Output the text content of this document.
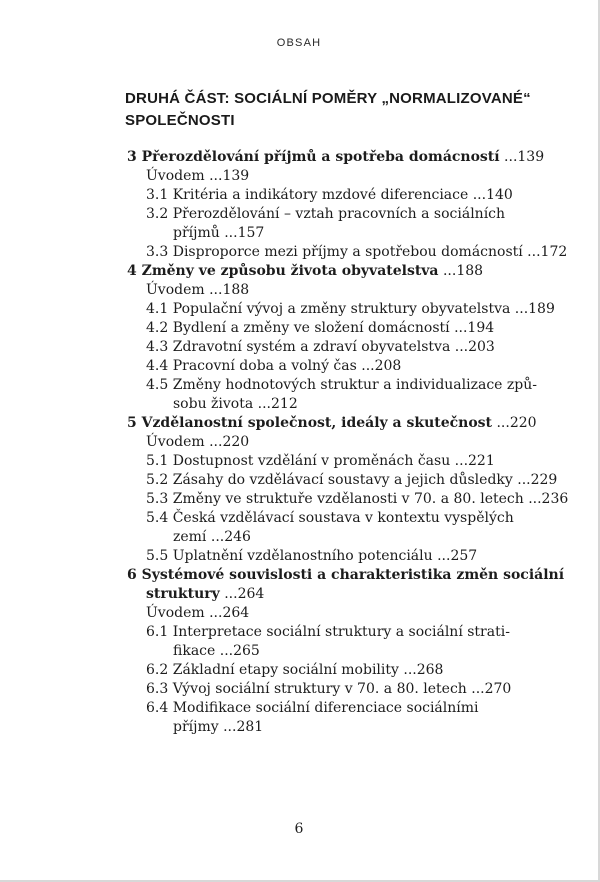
OBSAH
DRUHÁ ČÁST: SOCIÁLNÍ POMĚRY „NORMALIZOVANÉ“
SPOLEČNOSTI
3 Přerozdělování příjmů a spotřeba domácností ...139
Úvodem ...139
3.1 Kritéria a indikátory mzdové diferenciace ...140
3.2 Přerozdělování – vztah pracovních a sociálních
příjmů ...157
3.3 Disproporce mezi příjmy a spotřebou domácností ...172
4 Změny ve způsobu života obyvatelstva ...188
Úvodem ...188
4.1 Populační vývoj a změny struktury obyvatelstva ...189
4.2 Bydlení a změny ve složení domácností ...194
4.3 Zdravotní systém a zdraví obyvatelstva ...203
4.4 Pracovní doba a volný čas ...208
4.5 Změny hodnotových struktur a individualizace způ-
sobu života ...212
5 Vzdělanostní společnost, ideály a skutečnost ...220
Úvodem ...220
5.1 Dostupnost vzdělání v proměnách času ...221
5.2 Zásahy do vzdělávací soustavy a jejich důsledky ...229
5.3 Změny ve struktuře vzdělanosti v 70. a 80. letech ...236
5.4 Česká vzdělávací soustava v kontextu vyspělých
zemí ...246
5.5 Uplatnění vzdělanostního potenciálu ...257
6 Systémové souvislosti a charakteristika změn sociální
struktury ...264
Úvodem ...264
6.1 Interpretace sociální struktury a sociální strati-
fikace ...265
6.2 Základní etapy sociální mobility ...268
6.3 Vývoj sociální struktury v 70. a 80. letech ...270
6.4 Modifikace sociální diferenciace sociálními
příjmy ...281
6
